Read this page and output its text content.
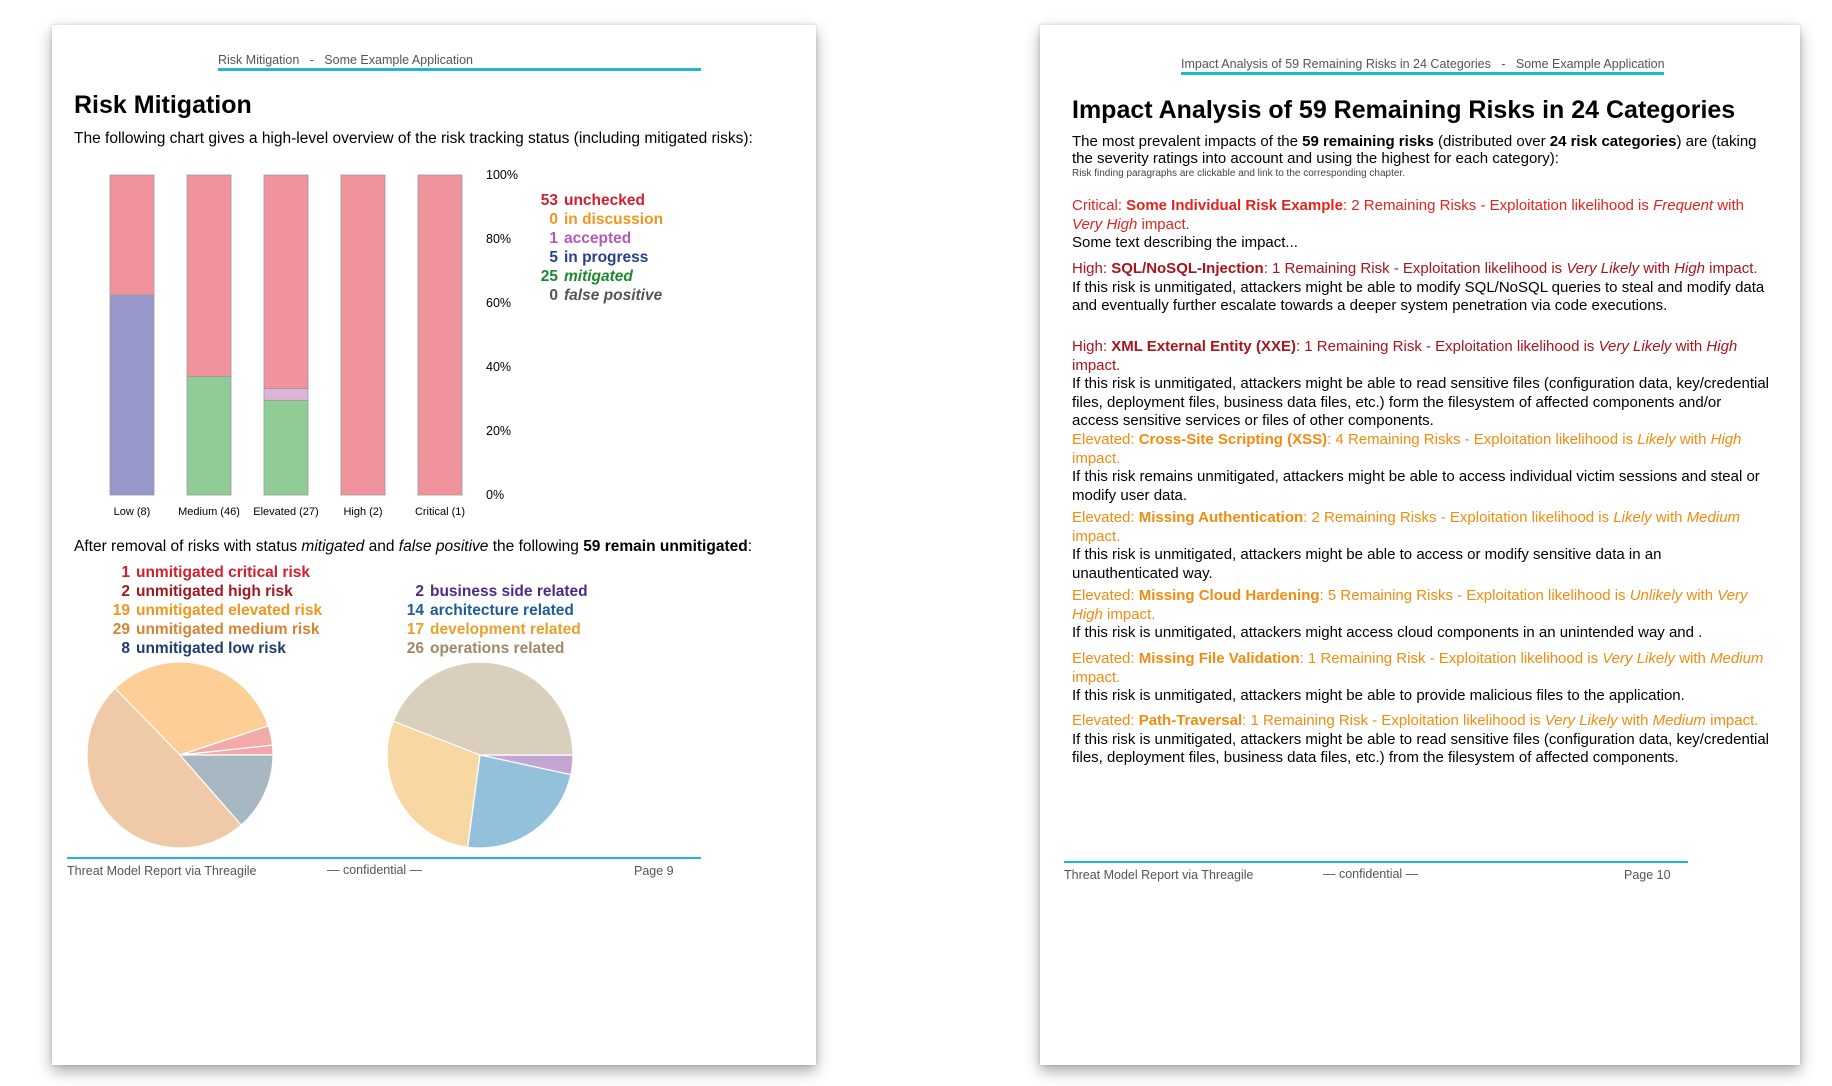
Risk Mitigation - Some Example Application
Risk Mitigation
The following chart gives a high-level overview of the risk tracking status (including mitigated risks):
Low (8)	Medium (46) Elevated (27) High (2)	Critical (1)
0%
20%
40%
60%
80%
100%
53 unchecked
0 in discussion
1 accepted
5 in progress
25 mitigated
0 false positive
After removal of risks with status mitigated and false positive the following 59 remain unmitigated:
1 unmitigated critical risk
2 unmitigated high risk
19 unmitigated elevated risk
29 unmitigated medium risk
8 unmitigated low risk
2 business side related
14 architecture related
17 development related
26 operations related
Threat Model Report via Threagile	— confidential —	Page 9
Impact Analysis of 59 Remaining Risks in 24 Categories - Some Example Application
Impact Analysis of 59 Remaining Risks in 24 Categories
The most prevalent impacts of the 59 remaining risks (distributed over 24 risk categories) are (taking the severity ratings into account and using the highest for each category):
Risk finding paragraphs are clickable and link to the corresponding chapter.
Critical: Some Individual Risk Example: 2 Remaining Risks - Exploitation likelihood is Frequent with Very High impact.
Some text describing the impact...
High: SQL/NoSQL-Injection: 1 Remaining Risk - Exploitation likelihood is Very Likely with High impact.
If this risk is unmitigated, attackers might be able to modify SQL/NoSQL queries to steal and modify data and eventually further escalate towards a deeper system penetration via code executions.
High: XML External Entity (XXE): 1 Remaining Risk - Exploitation likelihood is Very Likely with High impact.
If this risk is unmitigated, attackers might be able to read sensitive files (configuration data, key/credential files, deployment files, business data files, etc.) form the filesystem of affected components and/or access sensitive services or files of other components.
Elevated: Cross-Site Scripting (XSS): 4 Remaining Risks - Exploitation likelihood is Likely with High impact.
If this risk remains unmitigated, attackers might be able to access individual victim sessions and steal or modify user data.
Elevated: Missing Authentication: 2 Remaining Risks - Exploitation likelihood is Likely with Medium impact.
If this risk is unmitigated, attackers might be able to access or modify sensitive data in an unauthenticated way.
Elevated: Missing Cloud Hardening: 5 Remaining Risks - Exploitation likelihood is Unlikely with Very High impact.
If this risk is unmitigated, attackers might access cloud components in an unintended way and .
Elevated: Missing File Validation: 1 Remaining Risk - Exploitation likelihood is Very Likely with Medium impact.
If this risk is unmitigated, attackers might be able to provide malicious files to the application.
Elevated: Path-Traversal: 1 Remaining Risk - Exploitation likelihood is Very Likely with Medium impact.
If this risk is unmitigated, attackers might be able to read sensitive files (configuration data, key/credential files, deployment files, business data files, etc.) from the filesystem of affected components.
Threat Model Report via Threagile	— confidential —	Page 10
